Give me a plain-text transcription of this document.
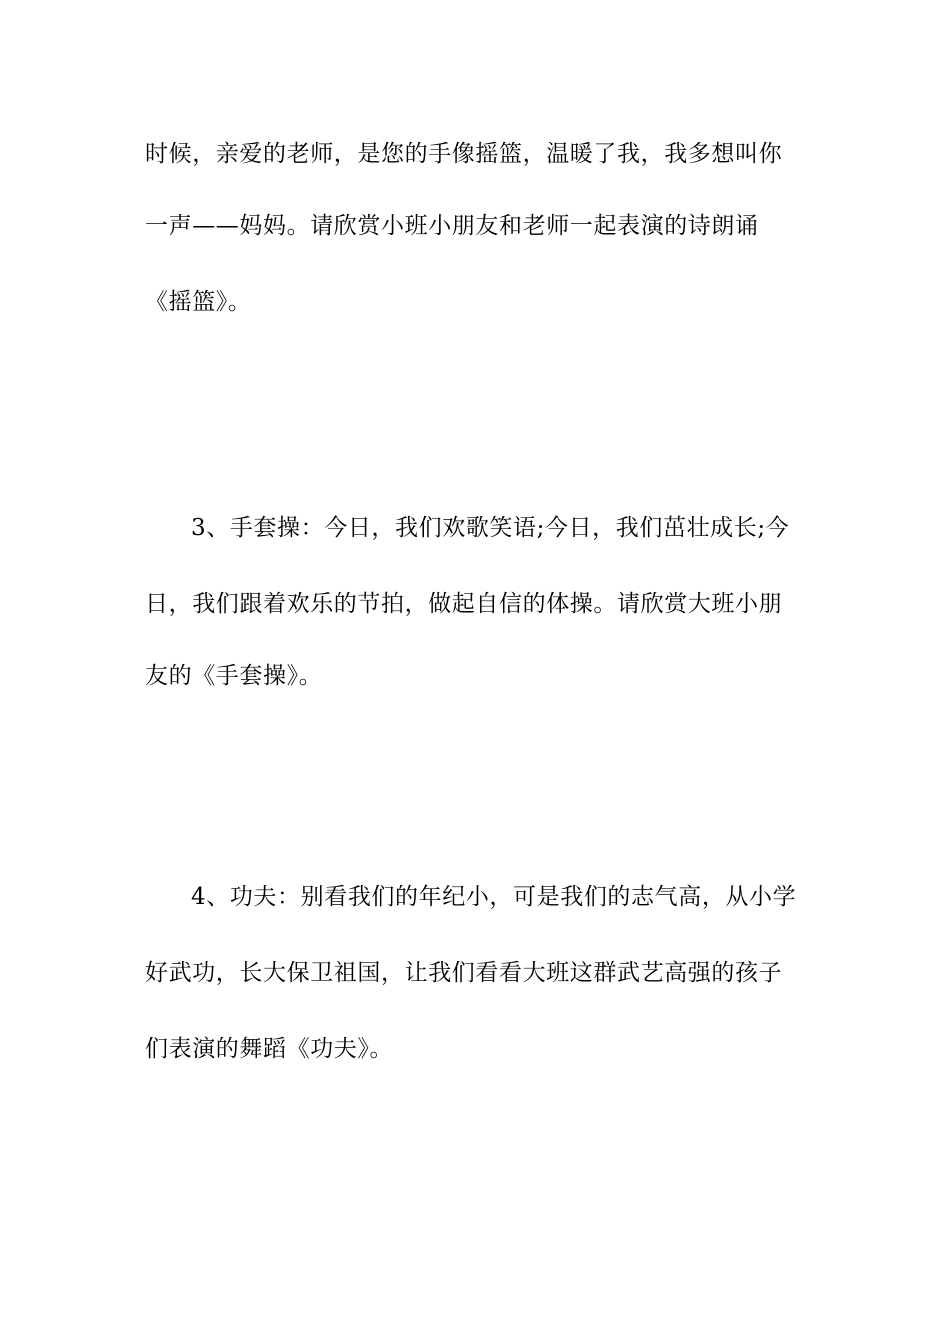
时候，亲爱的老师，是您的手像摇篮，温暖了我，我多想叫你
一声——妈妈。请欣赏小班小朋友和老师一起表演的诗朗诵
《摇篮》。
3、手套操：今日，我们欢歌笑语;今日，我们茁壮成长;今
日，我们跟着欢乐的节拍，做起自信的体操。请欣赏大班小朋
友的《手套操》。
4、功夫：别看我们的年纪小，可是我们的志气高，从小学
好武功，长大保卫祖国，让我们看看大班这群武艺高强的孩子
们表演的舞蹈《功夫》。
